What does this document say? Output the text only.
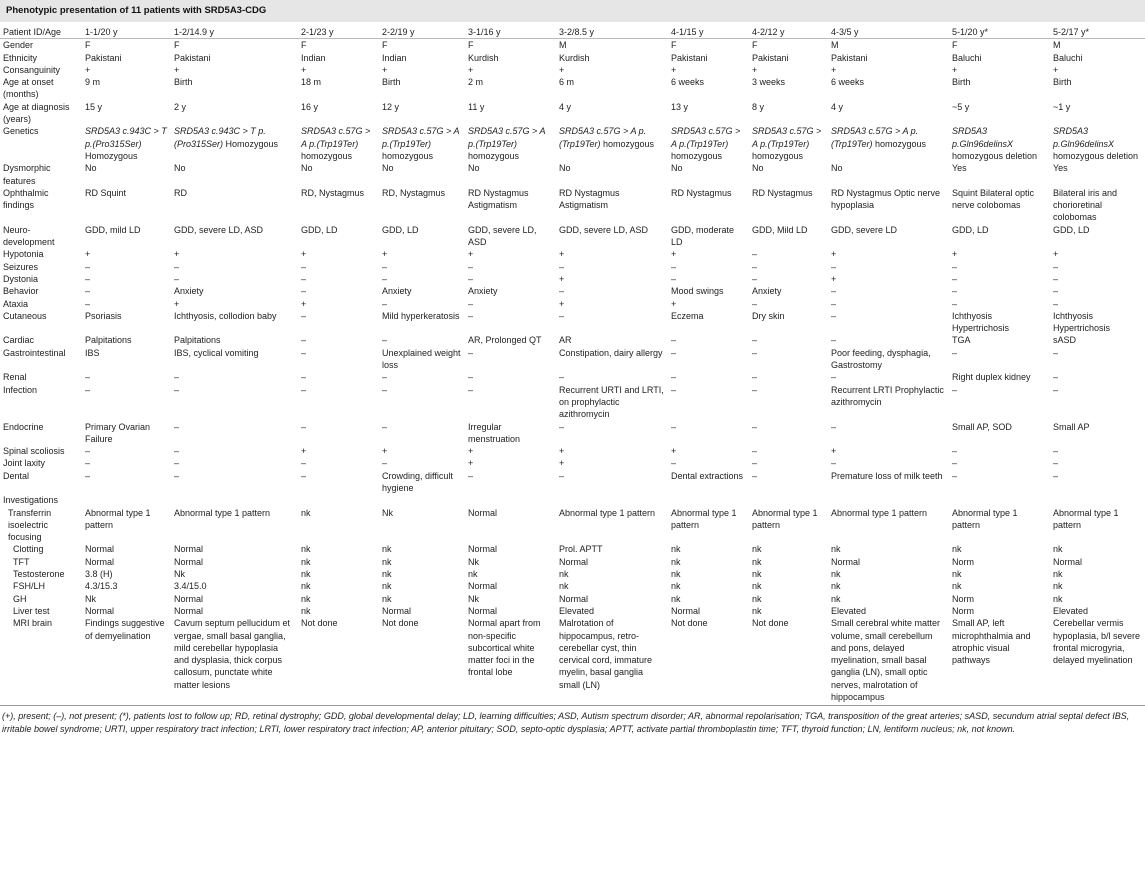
Phenotypic presentation of 11 patients with SRD5A3-CDG
Patient ID/Age	1-1/20 y	1-2/14.9 y	2-1/23 y	2-2/19 y	3-1/16 y	3-2/8.5 y	4-1/15 y	4-2/12 y	4-3/5 y	5-1/20 y*	5-2/17 y*
Gender	F	F	F	F	F	M	F	F	M	F	M
Ethnicity	Pakistani	Pakistani	Indian	Indian	Kurdish	Kurdish	Pakistani	Pakistani	Pakistani	Baluchi	Baluchi
Consanguinity	+	+	+	+	+	+	+	+	+	+	+
Age at onset (months)	9 m	Birth	18 m	Birth	2 m	6 m	6 weeks	3 weeks	6 weeks	Birth	Birth
Age at diagnosis (years)	15 y	2 y	16 y	12 y	11 y	4 y	13 y	8 y	4 y	~5 y	~1 y
Genetics	SRD5A3 c.943C > T p.(Pro315Ser) Homozygous	SRD5A3 c.943C > T p.(Pro315Ser) Homozygous	SRD5A3 c.57G > A p.(Trp19Ter) homozygous	SRD5A3 c.57G > A p.(Trp19Ter) homozygous	SRD5A3 c.57G > A p.(Trp19Ter) homozygous	SRD5A3 c.57G > A p.(Trp19Ter) homozygous	SRD5A3 c.57G > A p.(Trp19Ter) homozygous	SRD5A3 c.57G > A p.(Trp19Ter) homozygous	SRD5A3 c.57G > A p.(Trp19Ter) homozygous	SRD5A3 p.Gln96delinsX homozygous deletion	SRD5A3 p.Gln96delinsX homozygous deletion
Dysmorphic features	No	No	No	No	No	No	No	No	No	Yes	Yes
Ophthalmic findings	RD Squint	RD	RD, Nystagmus	RD, Nystagmus	RD Nystagmus Astigmatism	RD Nystagmus Astigmatism	RD Nystagmus	RD Nystagmus	RD Nystagmus Optic nerve hypoplasia	Squint Bilateral optic nerve colobomas	Bilateral iris and chorioretinal colobomas
Neuro-development	GDD, mild LD	GDD, severe LD, ASD	GDD, LD	GDD, LD	GDD, severe LD, ASD	GDD, severe LD, ASD	GDD, moderate LD	GDD, Mild LD	GDD, severe LD	GDD, LD	GDD, LD
Hypotonia	+	+	+	+	+	+	+	–	+	+	+
Seizures	–	–	–	–	–	–	–	–	–	–	–
Dystonia	–	–	–	–	–	+	–	–	+	–	–
Behavior	–	Anxiety	–	Anxiety	Anxiety	–	Mood swings	Anxiety	–	–	–
Ataxia	–	+	+	–	–	+	+	–	–	–	–
Cutaneous	Psoriasis	Ichthyosis, collodion baby	–	Mild hyperkeratosis	–	–	Eczema	Dry skin	–	Ichthyosis Hypertrichosis	Ichthyosis Hypertrichosis
Cardiac	Palpitations	Palpitations	–	–	AR, Prolonged QT	AR	–	–	–	TGA	sASD
Gastrointestinal	IBS	IBS, cyclical vomiting	–	Unexplained weight loss	–	Constipation, dairy allergy	–	–	Poor feeding, dysphagia, Gastrostomy	–	–
Renal	–	–	–	–	–	–	–	–	–	Right duplex kidney	–
Infection	–	–	–	–	–	Recurrent URTI and LRTI, on prophylactic azithromycin	–	–	Recurrent LRTI Prophylactic azithromycin	–	–
Endocrine	Primary Ovarian Failure	–	–	–	Irregular menstruation	–	–	–	–	Small AP, SOD	Small AP
Spinal scoliosis	–	–	+	+	+	+	+	–	+	–	–
Joint laxity	–	–	–	–	+	+	–	–	–	–	–
Dental	–	–	–	Crowding, difficult hygiene	–	–	Dental extractions	–	Premature loss of milk teeth	–	–
Investigations											
Transferrin isoelectric focusing	Abnormal type 1 pattern	Abnormal type 1 pattern	nk	Nk	Normal	Abnormal type 1 pattern	Abnormal type 1 pattern	Abnormal type 1 pattern	Abnormal type 1 pattern	Abnormal type 1 pattern	Abnormal type 1 pattern
Clotting	Normal	Normal	nk	nk	Normal	Prol. APTT	nk	nk	nk	nk	nk
TFT	Normal	Normal	nk	nk	Nk	Normal	nk	nk	Normal	Norm	Normal
Testosterone	3.8 (H)	Nk	nk	nk	nk	nk	nk	nk	nk	nk	nk
FSH/LH	4.3/15.3	3.4/15.0	nk	nk	Normal	nk	nk	nk	nk	nk	nk
GH	Nk	Normal	nk	nk	Nk	Normal	nk	nk	nk	Norm	nk
Liver test	Normal	Normal	nk	Normal	Normal	Elevated	Normal	nk	Elevated	Norm	Elevated
MRI brain	Findings suggestive of demyelination	Cavum septum pellucidum et vergae, small basal ganglia, mild cerebellar hypoplasia and dysplasia, thick corpus callosum, punctate white matter lesions	Not done	Not done	Normal apart from non-specific subcortical white matter foci in the frontal lobe	Malrotation of hippocampus, retro-cerebellar cyst, thin cervical cord, immature myelin, basal ganglia small (LN)	Not done	Not done	Small cerebral white matter volume, small cerebellum and pons, delayed myelination, small basal ganglia (LN), small optic nerves, malrotation of hippocampus	Small AP, left microphthalmia and atrophic visual pathways	Cerebellar vermis hypoplasia, b/l severe frontal microgyria, delayed myelination
(+), present; (–), not present; (*), patients lost to follow up; RD, retinal dystrophy; GDD, global developmental delay; LD, learning difficulties; ASD, Autism spectrum disorder; AR, abnormal repolarisation; TGA, transposition of the great arteries; sASD, secundum atrial septal defect IBS, irritable bowel syndrome; URTI, upper respiratory tract infection; LRTI, lower respiratory tract infection; AP, anterior pituitary; SOD, septo-optic dysplasia; APTT, activate partial thromboplastin time; TFT, thyroid function; LN, lentiform nucleus; nk, not known.
